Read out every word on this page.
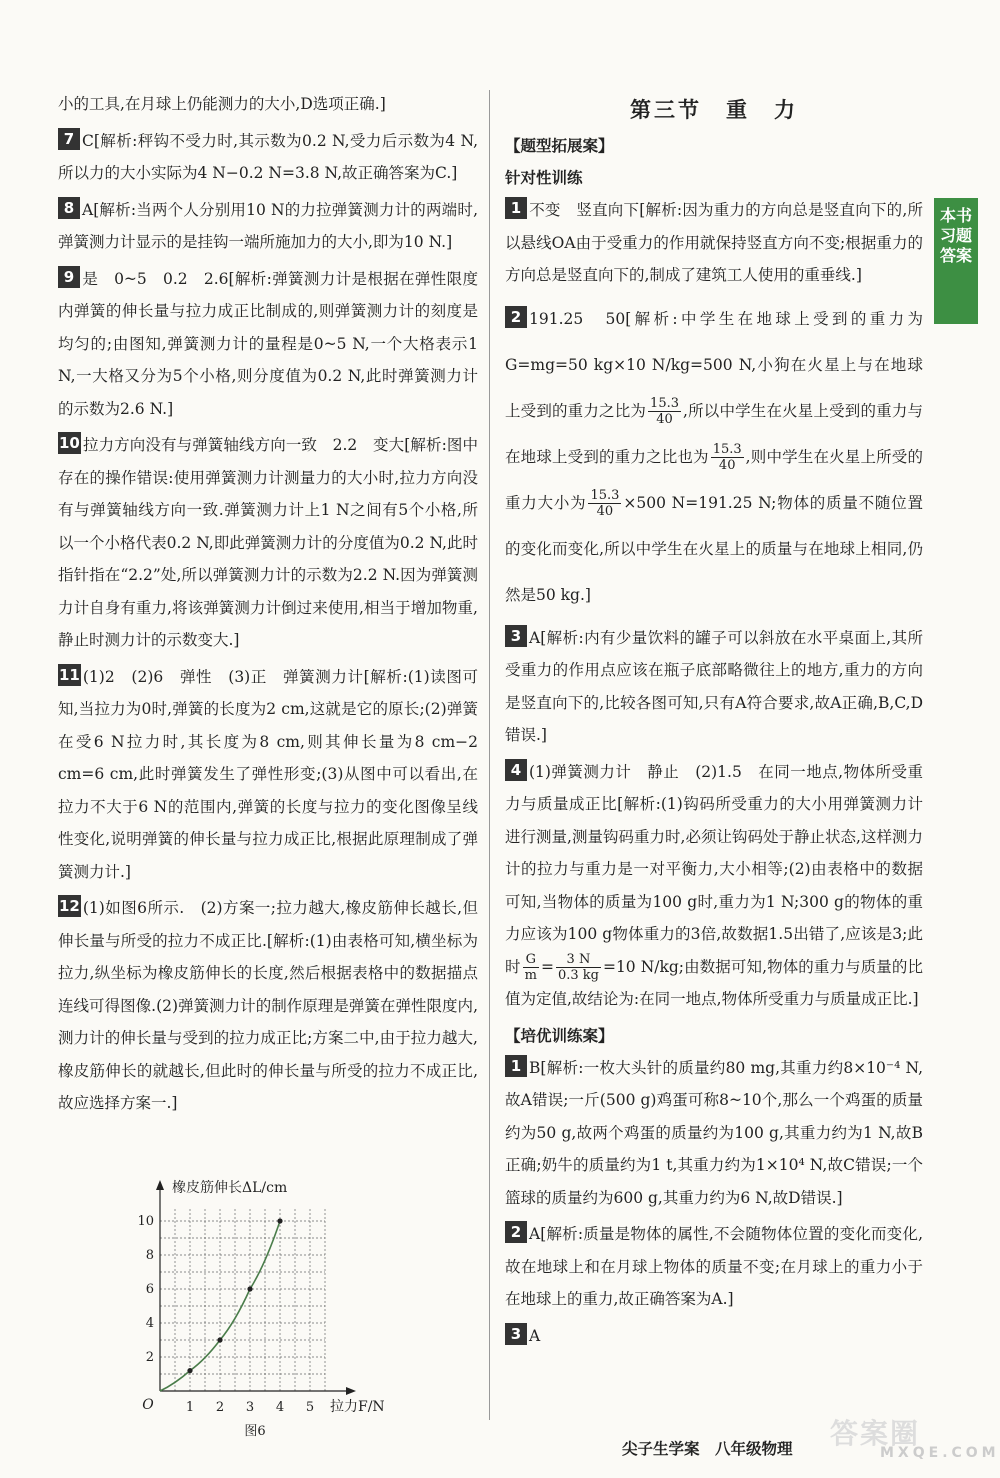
本书习题答案
小的工具,在月球上仍能测力的大小,D选项正确.]
7 C[解析:秤钩不受力时,其示数为0.2 N,受力后示数为4 N,所以力的大小实际为4 N−0.2 N=3.8 N,故正确答案为C.]
8 A[解析:当两个人分别用10 N的力拉弹簧测力计的两端时,弹簧测力计显示的是挂钩一端所施加力的大小,即为10 N.]
9 是　0~5　0.2　2.6[解析:弹簧测力计是根据在弹性限度内弹簧的伸长量与拉力成正比制成的,则弹簧测力计的刻度是均匀的;由图知,弹簧测力计的量程是0~5 N,一个大格表示1 N,一大格又分为5个小格,则分度值为0.2 N,此时弹簧测力计的示数为2.6 N.]
10 拉力方向没有与弹簧轴线方向一致　2.2　变大[解析:图中存在的操作错误:使用弹簧测力计测量力的大小时,拉力方向没有与弹簧轴线方向一致.弹簧测力计上1 N之间有5个小格,所以一个小格代表0.2 N,即此弹簧测力计的分度值为0.2 N,此时指针指在“2.2”处,所以弹簧测力计的示数为2.2 N.因为弹簧测力计自身有重力,将该弹簧测力计倒过来使用,相当于增加物重,静止时测力计的示数变大.]
11 (1)2　(2)6　弹性　(3)正　弹簧测力计[解析:(1)读图可知,当拉力为0时,弹簧的长度为2 cm,这就是它的原长;(2)弹簧在受6 N拉力时,其长度为8 cm,则其伸长量为8 cm−2 cm=6 cm,此时弹簧发生了弹性形变;(3)从图中可以看出,在拉力不大于6 N的范围内,弹簧的长度与拉力的变化图像呈线性变化,说明弹簧的伸长量与拉力成正比,根据此原理制成了弹簧测力计.]
12 (1)如图6所示.　(2)方案一;拉力越大,橡皮筋伸长越长,但伸长量与所受的拉力不成正比.[解析:(1)由表格可知,横坐标为拉力,纵坐标为橡皮筋伸长的长度,然后根据表格中的数据描点连线可得图像.(2)弹簧测力计的制作原理是弹簧在弹性限度内,测力计的伸长量与受到的拉力成正比;方案二中,由于拉力越大,橡皮筋伸长的就越长,但此时的伸长量与所受的拉力不成正比,故应选择方案一.]
1 2 3 4 5
2
4
6
8
10
O
橡皮筋伸长ΔL/cm
拉力F/N
图6
第三节　重　力
【题型拓展案】
针对性训练
1 不变　竖直向下[解析:因为重力的方向总是竖直向下的,所以悬线OA由于受重力的作用就保持竖直方向不变;根据重力的方向总是竖直向下的,制成了建筑工人使用的重垂线.]
2 191.25　50[解析:中学生在地球上受到的重力为G=mg=50 kg×10 N/kg=500 N,小狗在火星上与在地球上受到的重力之比为 $\frac{15.3}{40}$ ,所以中学生在火星上受到的重力与在地球上受到的重力之比也为 $\frac{15.3}{40}$ ,则中学生在火星上所受的重力大小为 $\frac{15.3}{40} \times 500$ N=191.25 N;物体的质量不随位置的变化而变化,所以中学生在火星上的质量与在地球上相同,仍然是50 kg.]
3 A[解析:内有少量饮料的罐子可以斜放在水平桌面上,其所受重力的作用点应该在瓶子底部略微往上的地方,重力的方向是竖直向下的,比较各图可知,只有A符合要求,故A正确,B,C,D错误.]
4 (1)弹簧测力计　静止　(2)1.5　在同一地点,物体所受重力与质量成正比[解析:(1)钩码所受重力的大小用弹簧测力计进行测量,测量钩码重力时,必须让钩码处于静止状态,这样测力计的拉力与重力是一对平衡力,大小相等;(2)由表格中的数据可知,当物体的质量为100 g时,重力为1 N;300 g的物体的重力应该为100 g物体重力的3倍,故数据1.5出错了,应该是3;此时 $\frac{G}{m} = \frac{3 N}{0.3 kg} =10$ N/kg;由数据可知,物体的重力与质量的比值为定值,故结论为:在同一地点,物体所受重力与质量成正比.]
【培优训练案】
1 B[解析:一枚大头针的质量约80 mg,其重力约8×10⁻⁴ N,故A错误;一斤(500 g)鸡蛋可称8~10个,那么一个鸡蛋的质量约为50 g,故两个鸡蛋的质量约为100 g,其重力约为1 N,故B正确;奶牛的质量约为1 t,其重力约为1×10⁴ N,故C错误;一个篮球的质量约为600 g,其重力约为6 N,故D错误.]
2 A[解析:质量是物体的属性,不会随物体位置的变化而变化,故在地球上和在月球上物体的质量不变;在月球上的重力小于在地球上的重力,故正确答案为A.]
3 A
尖子生学案　八年级物理 答案圈
MXQE.COM
